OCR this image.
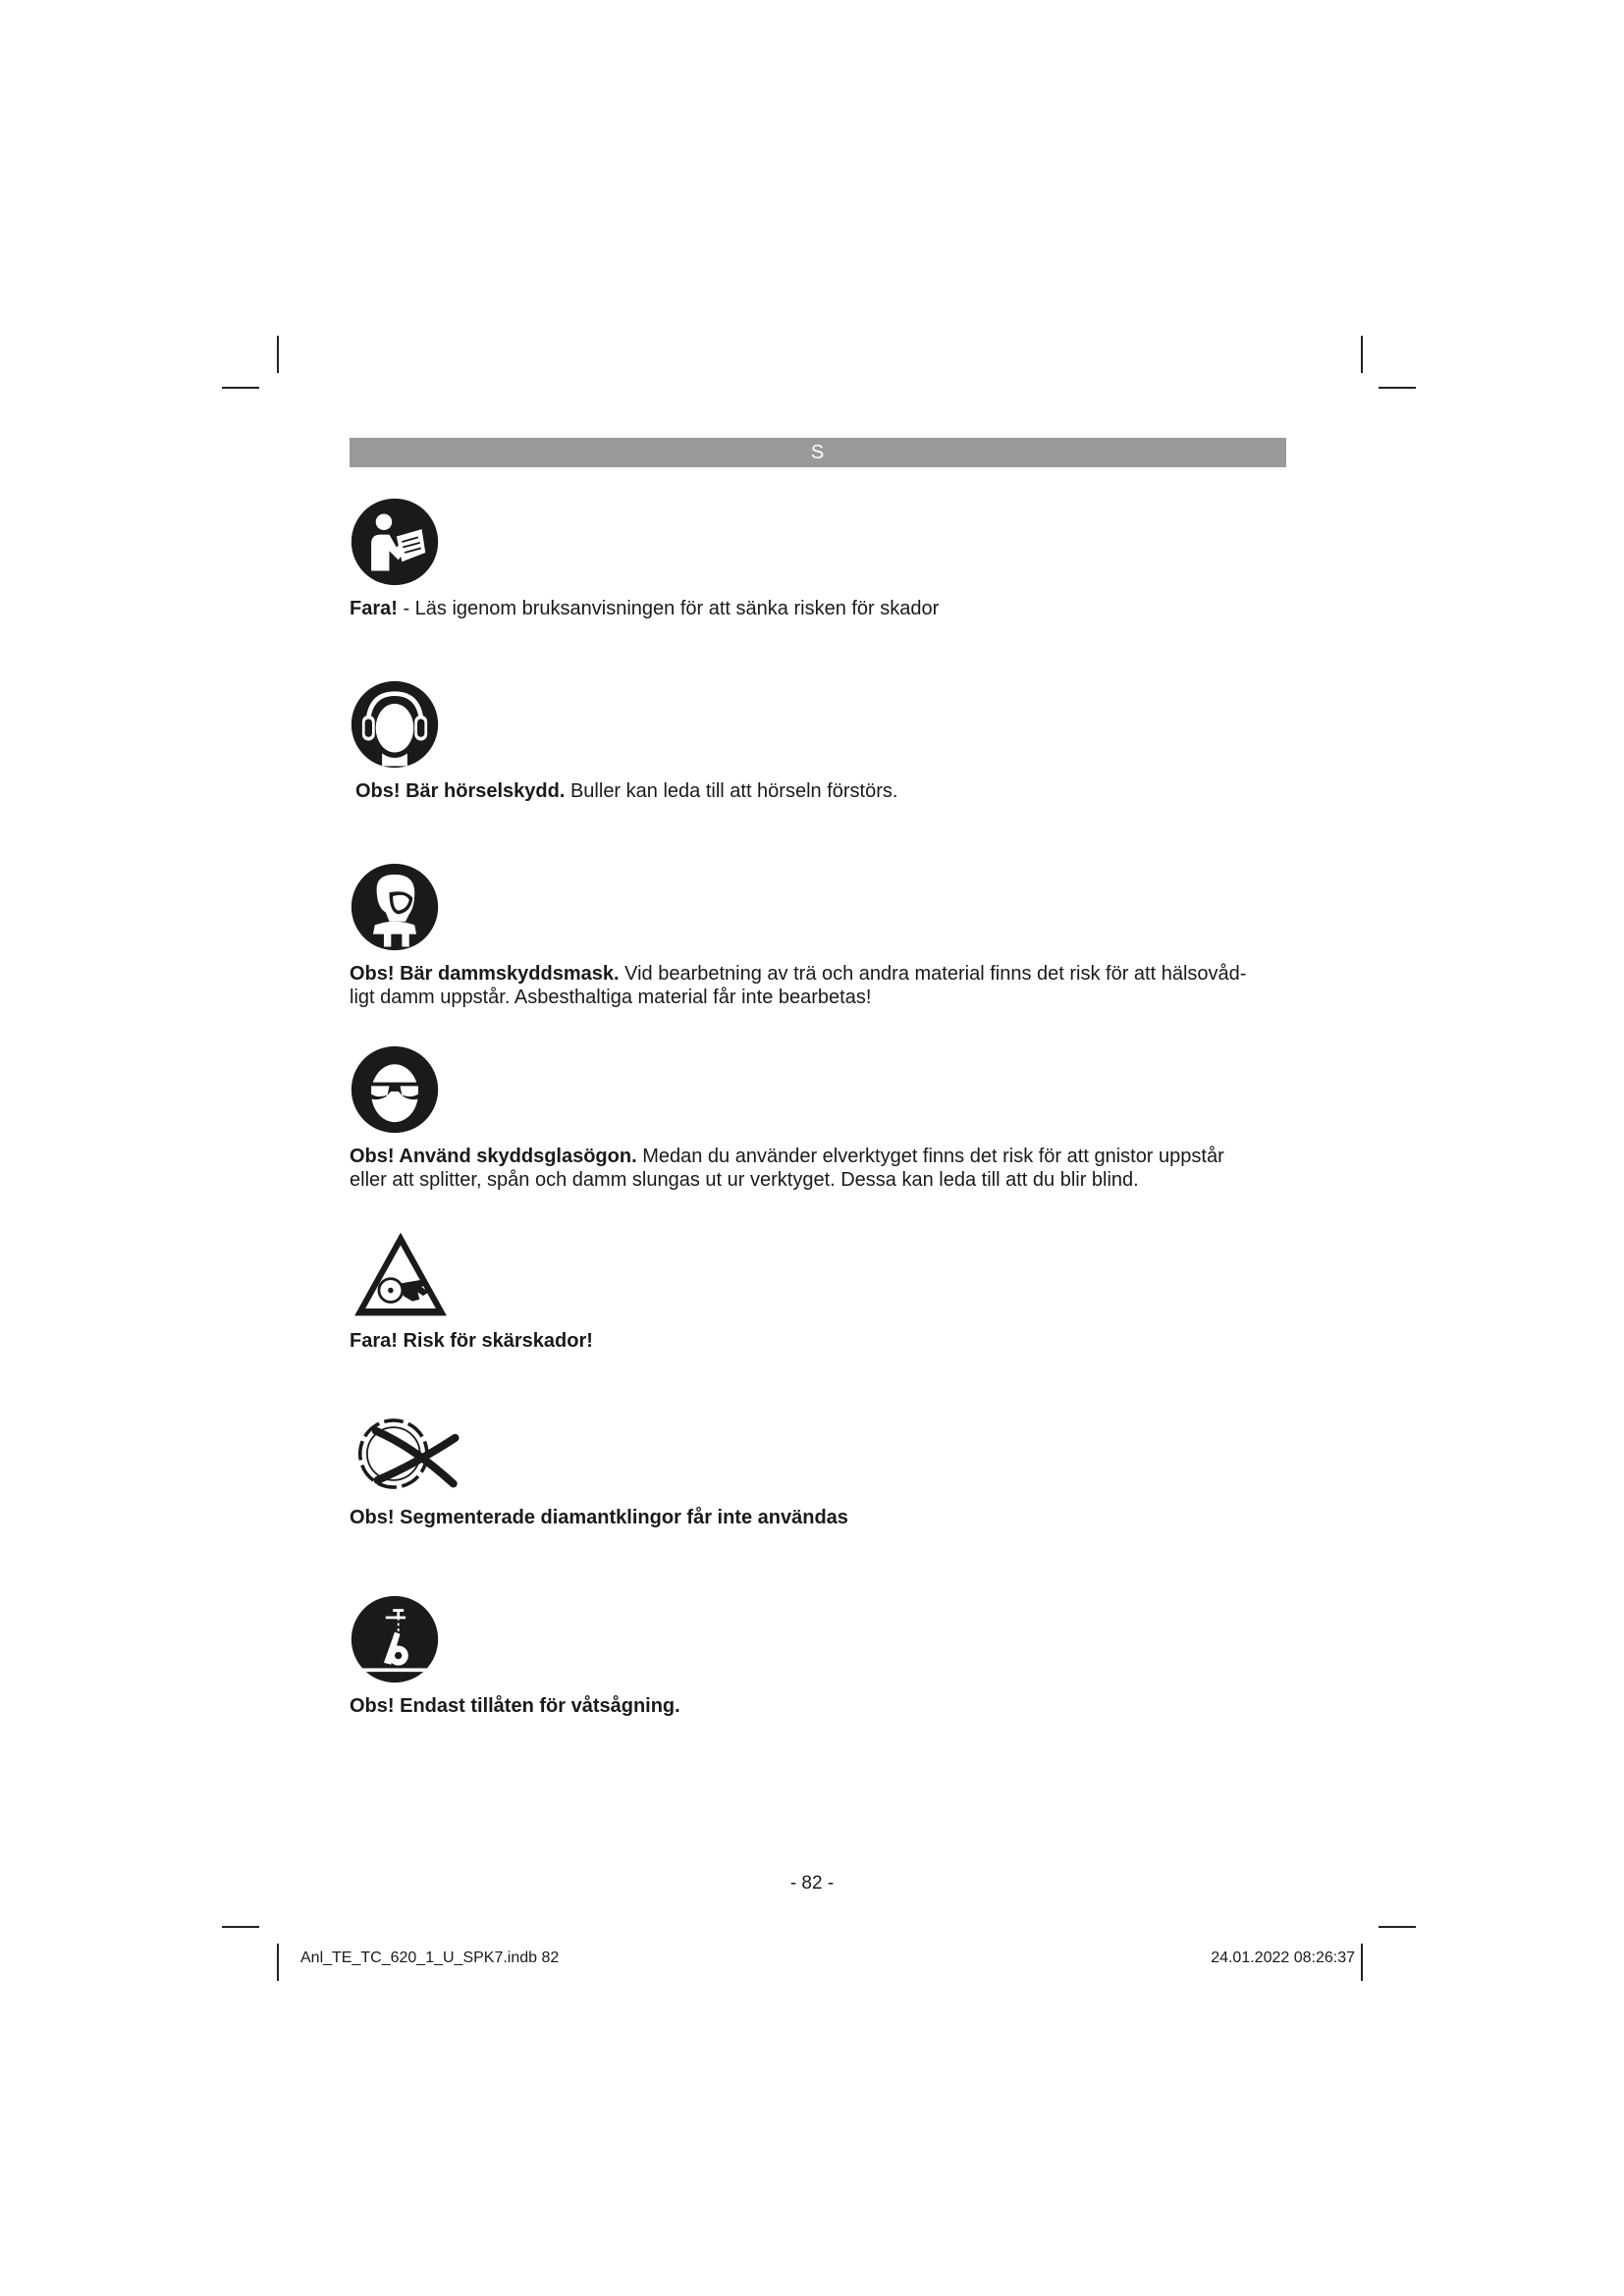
S
Fara! - Läs igenom bruksanvisningen för att sänka risken för skador
Obs! Bär hörselskydd. Buller kan leda till att hörseln förstörs.
Obs! Bär dammskyddsmask. Vid bearbetning av trä och andra material finns det risk för att hälsovåd-
ligt damm uppstår. Asbesthaltiga material får inte bearbetas!
Obs! Använd skyddsglasögon. Medan du använder elverktyget finns det risk för att gnistor uppstår
eller att splitter, spån och damm slungas ut ur verktyget. Dessa kan leda till att du blir blind.
Fara! Risk för skärskador!
Obs! Segmenterade diamantklingor får inte användas
Obs! Endast tillåten för våtsågning.
- 82 -
Anl_TE_TC_620_1_U_SPK7.indb 82	24.01.2022 08:26:37
